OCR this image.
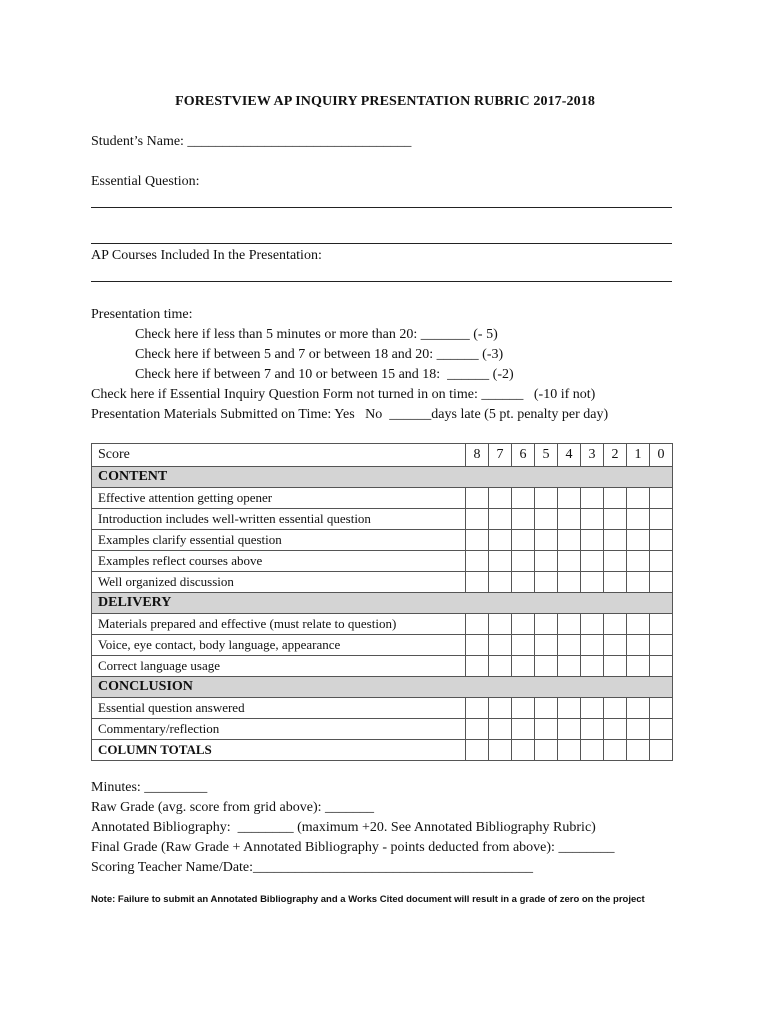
FORESTVIEW AP INQUIRY PRESENTATION RUBRIC 2017-2018
Student’s Name: ________________________________
Essential Question:
AP Courses Included In the Presentation:
Presentation time:
Check here if less than 5 minutes or more than 20: _______ (- 5)
Check here if between 5 and 7 or between 18 and 20: ______ (-3)
Check here if between 7 and 10 or between 15 and 18:  ______ (-2)
Check here if Essential Inquiry Question Form not turned in on time: ______   (-10 if not)
Presentation Materials Submitted on Time: Yes   No  ______days late (5 pt. penalty per day)
Score	8	7	6	5	4	3	2	1	0
CONTENT									
Effective attention getting opener									
Introduction includes well-written essential question									
Examples clarify essential question									
Examples reflect courses above									
Well organized discussion									
DELIVERY									
Materials prepared and effective (must relate to question)									
Voice, eye contact, body language, appearance									
Correct language usage									
CONCLUSION									
Essential question answered									
Commentary/reflection									
COLUMN TOTALS									
Minutes: _________
Raw Grade (avg. score from grid above): _______
Annotated Bibliography:  ________ (maximum +20. See Annotated Bibliography Rubric)
Final Grade (Raw Grade + Annotated Bibliography - points deducted from above): ________
Scoring Teacher Name/Date:________________________________________
Note: Failure to submit an Annotated Bibliography and a Works Cited document will result in a grade of zero on the project
